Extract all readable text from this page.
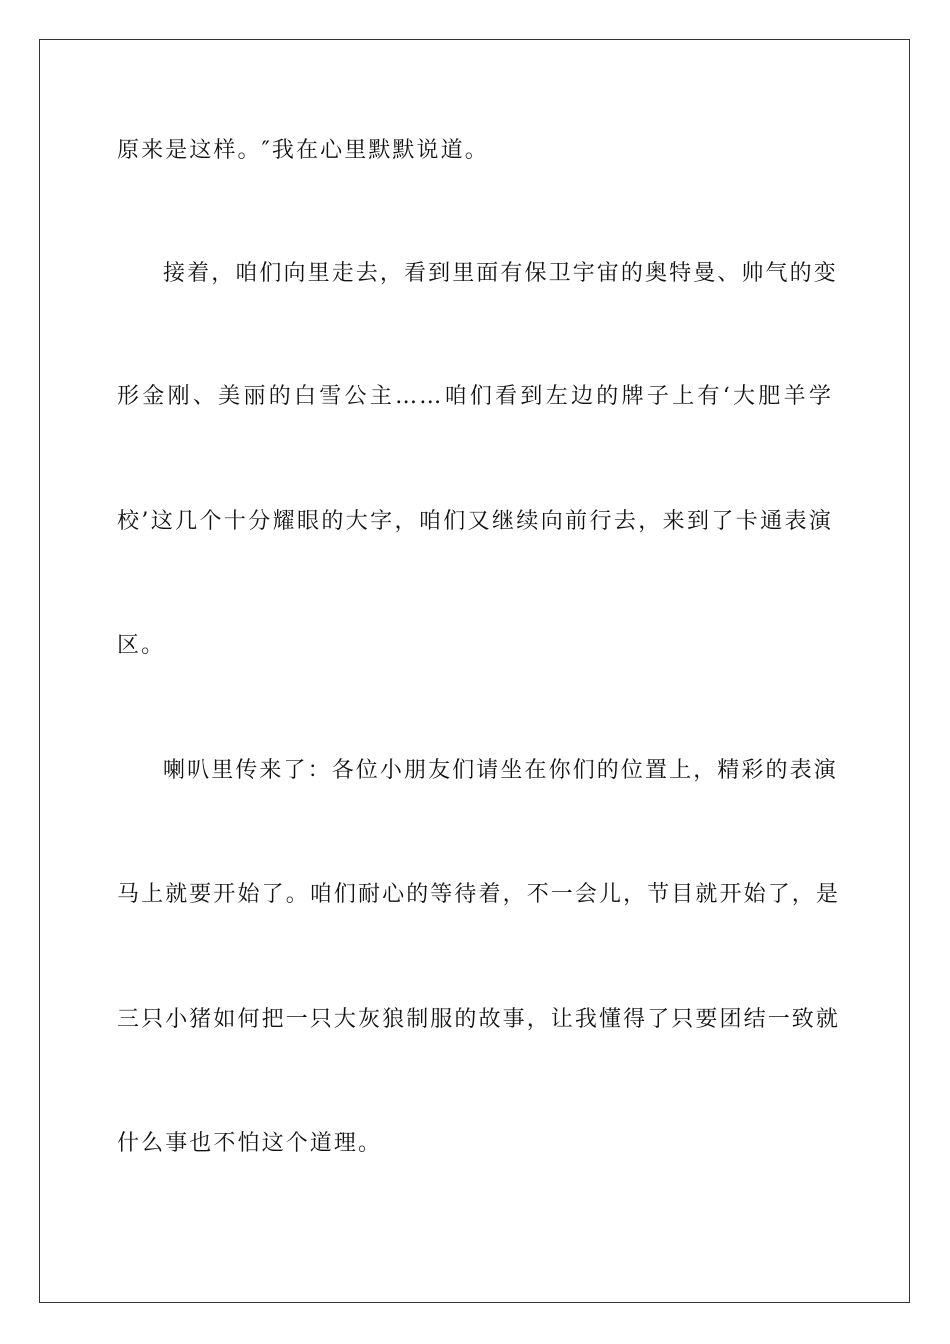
原来是这样。″我在心里默默说道。
接着，咱们向里走去，看到里面有保卫宇宙的奥特曼、帅气的变
形金刚、美丽的白雪公主……咱们看到左边的牌子上有‘大肥羊学
校’这几个十分耀眼的大字，咱们又继续向前行去，来到了卡通表演
区。
喇叭里传来了：各位小朋友们请坐在你们的位置上，精彩的表演
马上就要开始了。咱们耐心的等待着，不一会儿，节目就开始了，是
三只小猪如何把一只大灰狼制服的故事，让我懂得了只要团结一致就
什么事也不怕这个道理。
